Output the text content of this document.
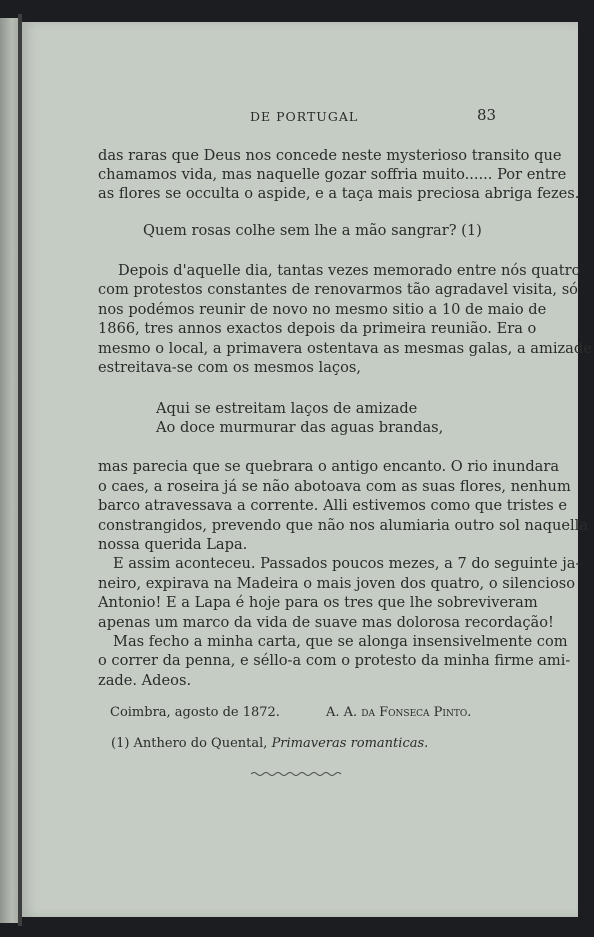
DE PORTUGAL	83
das raras que Deus nos concede neste mysterioso transito que
chamamos vida, mas naquelle gozar soffria muito...... Por entre
as flores se occulta o aspide, e a taça mais preciosa abriga fezes.
Quem rosas colhe sem lhe a mão sangrar? (1)
Depois d'aquelle dia, tantas vezes memorado entre nós quatro
com protestos constantes de renovarmos tão agradavel visita, só
nos podémos reunir de novo no mesmo sitio a 10 de maio de
1866, tres annos exactos depois da primeira reunião. Era o
mesmo o local, a primavera ostentava as mesmas galas, a amizade
estreitava-se com os mesmos laços,
Aqui se estreitam laços de amizade
Ao doce murmurar das aguas brandas,
mas parecia que se quebrara o antigo encanto. O rio inundara
o caes, a roseira já se não abotoava com as suas flores, nenhum
barco atravessava a corrente. Alli estivemos como que tristes e
constrangidos, prevendo que não nos alumiaria outro sol naquella
nossa querida Lapa.
E assim aconteceu. Passados poucos mezes, a 7 do seguinte ja-
neiro, expirava na Madeira o mais joven dos quatro, o silencioso
Antonio! E a Lapa é hoje para os tres que lhe sobreviveram
apenas um marco da vida de suave mas dolorosa recordação!
Mas fecho a minha carta, que se alonga insensivelmente com
o correr da penna, e séllo-a com o protesto da minha firme ami-
zade. Adeos.
Coimbra, agosto de 1872.	A. A. da Fonseca Pinto.
(1) Anthero do Quental, Primaveras romanticas.
